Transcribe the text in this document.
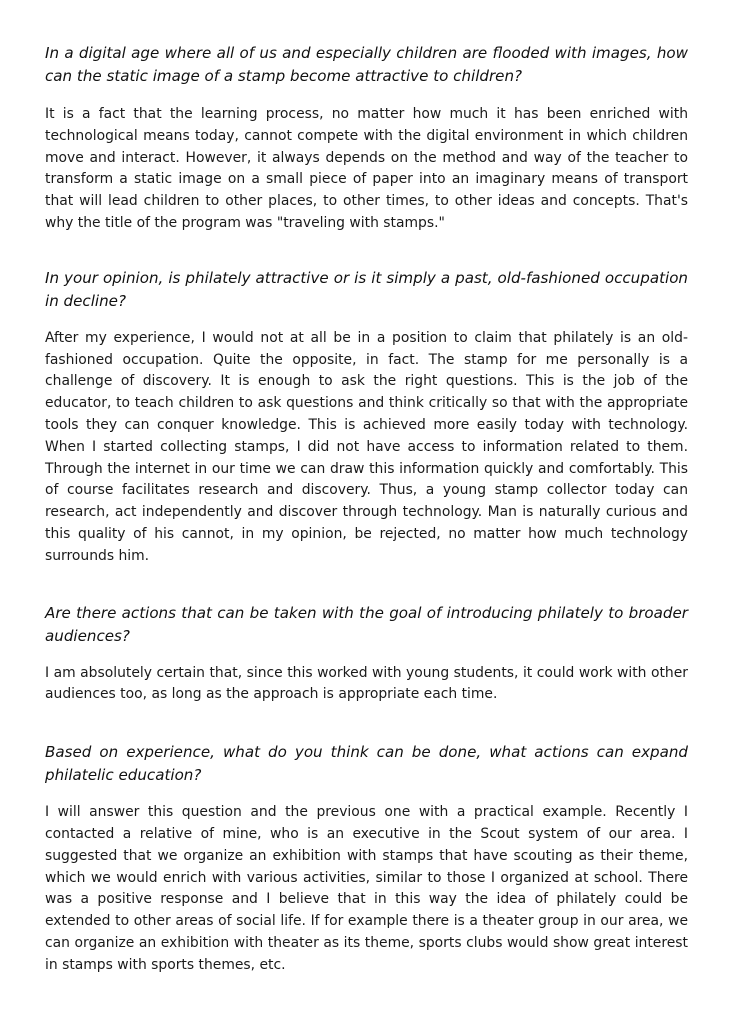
In a digital age where all of us and especially children are flooded with images, how can the static image of a stamp become attractive to children?

It is a fact that the learning process, no matter how much it has been enriched with technological means today, cannot compete with the digital environment in which children move and interact. However, it always depends on the method and way of the teacher to transform a static image on a small piece of paper into an imaginary means of transport that will lead children to other places, to other times, to other ideas and concepts. That's why the title of the program was "traveling with stamps."

In your opinion, is philately attractive or is it simply a past, old-fashioned occupation in decline?

After my experience, I would not at all be in a position to claim that philately is an old-fashioned occupation. Quite the opposite, in fact. The stamp for me personally is a challenge of discovery. It is enough to ask the right questions. This is the job of the educator, to teach children to ask questions and think critically so that with the appropriate tools they can conquer knowledge. This is achieved more easily today with technology. When I started collecting stamps, I did not have access to information related to them. Through the internet in our time we can draw this information quickly and comfortably. This of course facilitates research and discovery. Thus, a young stamp collector today can research, act independently and discover through technology. Man is naturally curious and this quality of his cannot, in my opinion, be rejected, no matter how much technology surrounds him.

Are there actions that can be taken with the goal of introducing philately to broader audiences?

I am absolutely certain that, since this worked with young students, it could work with other audiences too, as long as the approach is appropriate each time.

Based on experience, what do you think can be done, what actions can expand philatelic education?

I will answer this question and the previous one with a practical example. Recently I contacted a relative of mine, who is an executive in the Scout system of our area. I suggested that we organize an exhibition with stamps that have scouting as their theme, which we would enrich with various activities, similar to those I organized at school. There was a positive response and I believe that in this way the idea of philately could be extended to other areas of social life. If for example there is a theater group in our area, we can organize an exhibition with theater as its theme, sports clubs would show great interest in stamps with sports themes, etc.
